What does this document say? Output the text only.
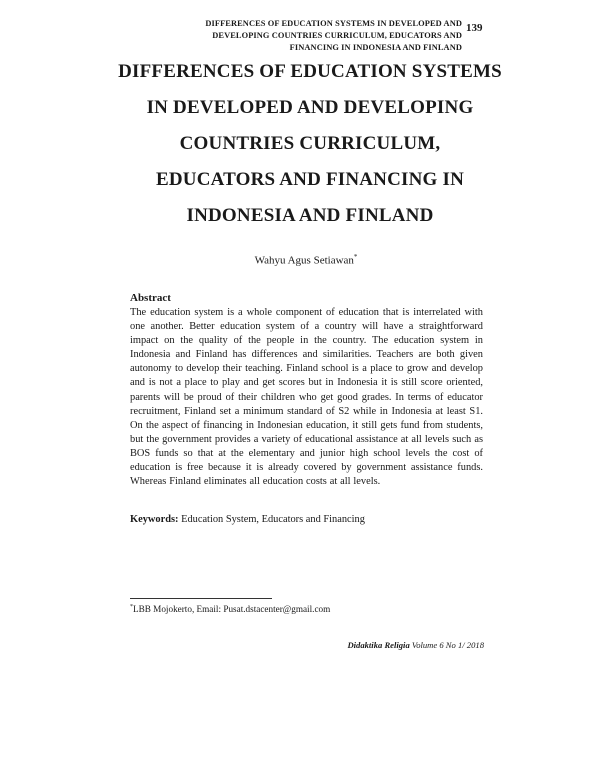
DIFFERENCES OF EDUCATION SYSTEMS IN DEVELOPED AND
DEVELOPING COUNTRIES CURRICULUM, EDUCATORS AND
FINANCING IN INDONESIA AND FINLAND
139
DIFFERENCES OF EDUCATION SYSTEMS
IN DEVELOPED AND DEVELOPING
COUNTRIES CURRICULUM,
EDUCATORS AND FINANCING IN
INDONESIA AND FINLAND
Wahyu Agus Setiawan*
Abstract
The education system is a whole component of education that is interrelated with one another. Better education system of a country will have a straightforward impact on the quality of the people in the country. The education system in Indonesia and Finland has differences and similarities. Teachers are both given autonomy to develop their teaching. Finland school is a place to grow and develop and is not a place to play and get scores but in Indonesia it is still score oriented, parents will be proud of their children who get good grades. In terms of educator recruitment, Finland set a minimum standard of S2 while in Indonesia at least S1. On the aspect of financing in Indonesian education, it still gets fund from students, but the government provides a variety of educational assistance at all levels such as BOS funds so that at the elementary and junior high school levels the cost of education is free because it is already covered by government assistance funds. Whereas Finland eliminates all education costs at all levels.
Keywords: Education System, Educators and Financing
*LBB Mojokerto, Email: Pusat.dstacenter@gmail.com
Didaktika Religia Volume 6 No 1/ 2018
